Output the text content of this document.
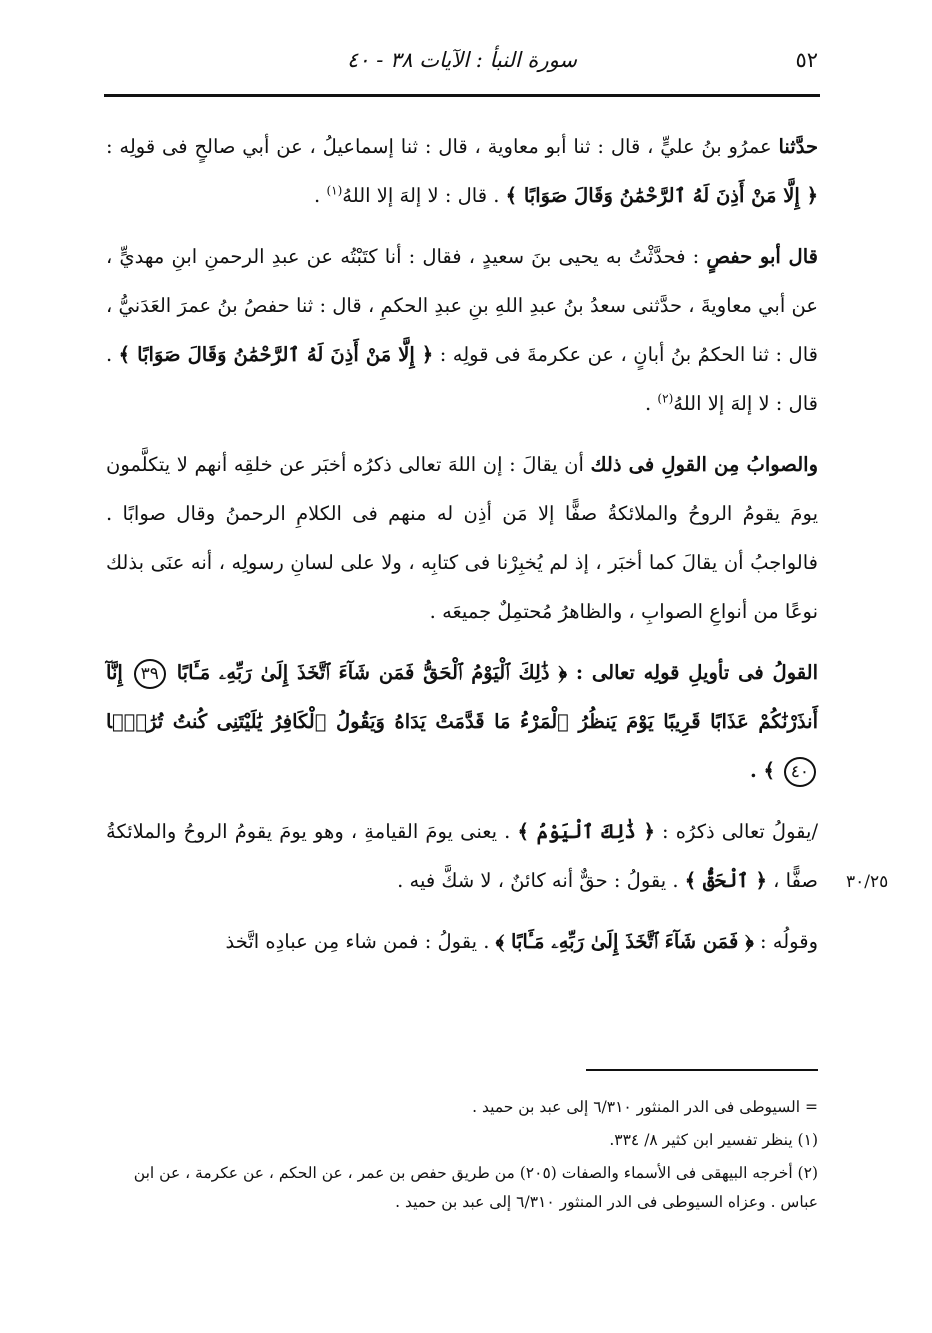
٥٢
سورة النبأ : الآيات ٣٨ - ٤٠

حدَّثنا عمرُو بنُ عليٍّ ، قال : ثنا أبو معاوية ، قال : ثنا إسماعيلُ ، عن أبي صالحٍ فى قولِه : ﴿ إِلَّا مَنْ أَذِنَ لَهُ ٱلرَّحْمَٰنُ وَقَالَ صَوَابًا ﴾ . قال : لا إلهَ إلا اللهُ$^{(١)}$ .

قال أبو حفصٍ : فحدَّثْتُ به يحيى بنَ سعيدٍ ، فقال : أنا كتَبْتُه عن عبدِ الرحمنِ ابنِ مهديٍّ ، عن أبي معاويةَ ، حدَّثنى سعدُ بنُ عبدِ اللهِ بنِ عبدِ الحكمِ ، قال : ثنا حفصُ بنُ عمرَ العَدَنيُّ ، قال : ثنا الحكمُ بنُ أبانٍ ، عن عكرمةَ فى قولِه : ﴿ إِلَّا مَنْ أَذِنَ لَهُ ٱلرَّحْمَٰنُ وَقَالَ صَوَابًا ﴾ . قال : لا إلهَ إلا اللهُ$^{(٢)}$ .

والصوابُ مِن القولِ فى ذلك أن يقالَ : إن اللهَ تعالى ذكرُه أخبَر عن خلقِه أنهم لا يتكلَّمون يومَ يقومُ الروحُ والملائكةُ صفًّا إلا مَن أذِن له منهم فى الكلامِ الرحمنُ وقال صوابًا . فالواجبُ أن يقالَ كما أخبَر ، إذ لم يُخبِرْنا فى كتابِه ، ولا على لسانِ رسولِه ، أنه عنَى بذلك نوعًا من أنواعِ الصوابِ ، والظاهرُ مُحتمِلٌ جميعَه .

القولُ فى تأويلِ قولِه تعالى : ﴿ ذَٰلِكَ ٱلْيَوْمُ ٱلْحَقُّ فَمَن شَآءَ ٱتَّخَذَ إِلَىٰ رَبِّهِۦ مَـَٔابًا ٣٩ إِنَّآ أَنذَرْنَٰكُمْ عَذَابًا قَرِيبًا يَوْمَ يَنظُرُ ٱلْمَرْءُ مَا قَدَّمَتْ يَدَاهُ وَيَقُولُ ٱلْكَافِرُ يَٰلَيْتَنِى كُنتُ تُرَٰبًۢا ٤٠ ﴾ .

/يقولُ تعالى ذكرُه : ﴿ ذَٰلِكَ ٱلْيَوْمُ ﴾ . يعنى يومَ القيامةِ ، وهو يومَ يقومُ الروحُ والملائكةُ صفًّا ، ﴿ ٱلْحَقُّ ﴾ . يقولُ : حقٌّ أنه كائنٌ ، لا شكَّ فيه .

وقولُه : ﴿ فَمَن شَآءَ ٱتَّخَذَ إِلَىٰ رَبِّهِۦ مَـَٔابًا ﴾ . يقولُ : فمن شاء مِن عبادِه اتَّخذ

٣٠/٢٥

= السيوطى فى الدر المنثور ٦/٣١٠ إلى عبد بن حميد .

(١) ينظر تفسير ابن كثير ٨/ ٣٣٤.

(٢) أخرجه البيهقى فى الأسماء والصفات (٢٠٥) من طريق حفص بن عمر ، عن الحكم ، عن عكرمة ، عن ابن عباس . وعزاه السيوطى فى الدر المنثور ٦/٣١٠ إلى عبد بن حميد .
